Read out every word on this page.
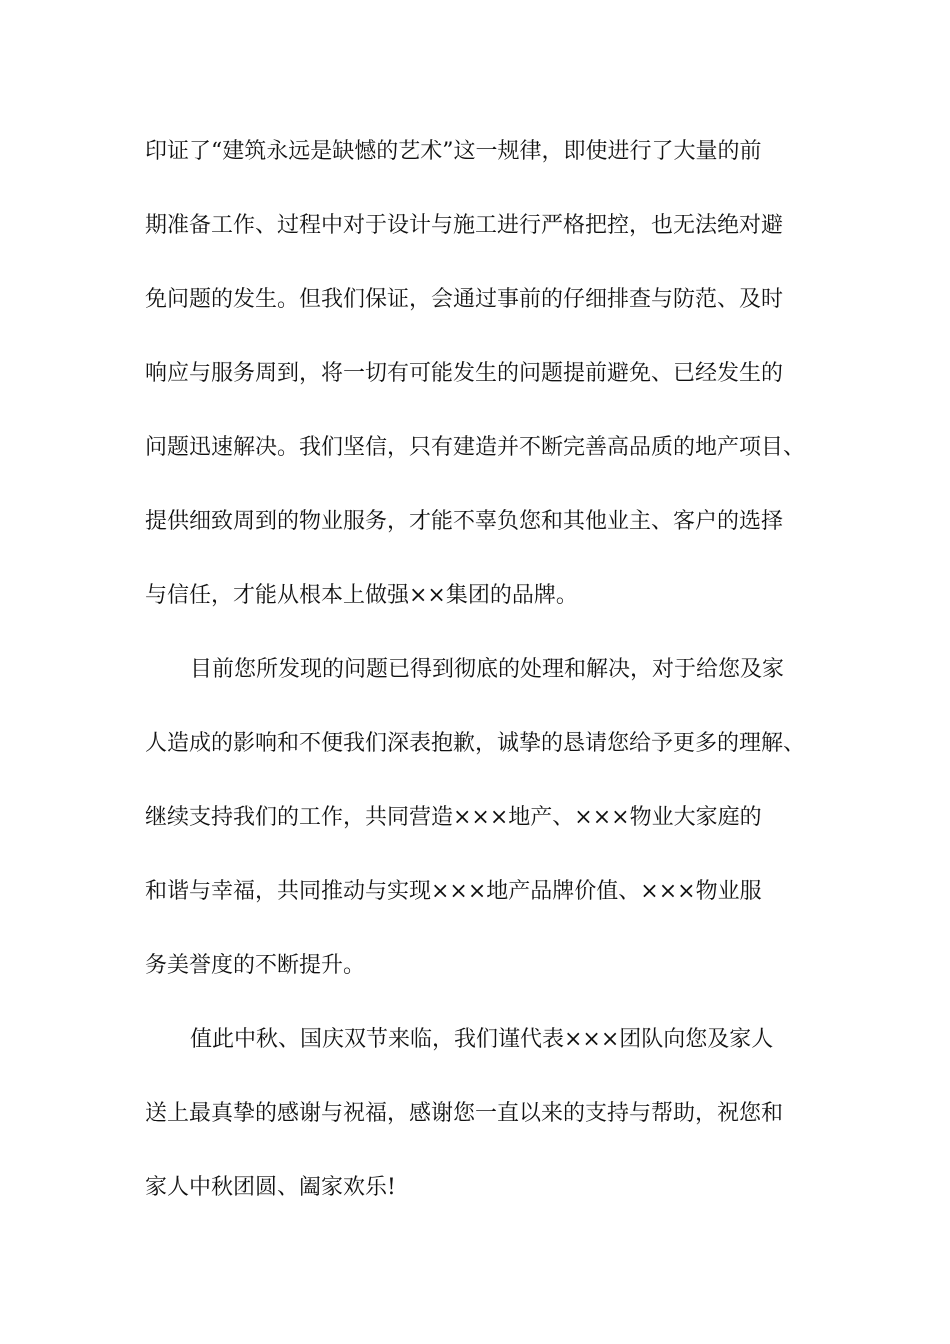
印证了“建筑永远是缺憾的艺术”这一规律，即使进行了大量的前
期准备工作、过程中对于设计与施工进行严格把控，也无法绝对避
免问题的发生。但我们保证，会通过事前的仔细排查与防范、及时
响应与服务周到，将一切有可能发生的问题提前避免、已经发生的
问题迅速解决。我们坚信，只有建造并不断完善高品质的地产项目、
提供细致周到的物业服务，才能不辜负您和其他业主、客户的选择
与信任，才能从根本上做强××集团的品牌。
目前您所发现的问题已得到彻底的处理和解决，对于给您及家
人造成的影响和不便我们深表抱歉，诚挚的恳请您给予更多的理解、
继续支持我们的工作，共同营造×××地产、×××物业大家庭的
和谐与幸福，共同推动与实现×××地产品牌价值、×××物业服
务美誉度的不断提升。
值此中秋、国庆双节来临，我们谨代表×××团队向您及家人
送上最真挚的感谢与祝福，感谢您一直以来的支持与帮助，祝您和
家人中秋团圆、阖家欢乐!
